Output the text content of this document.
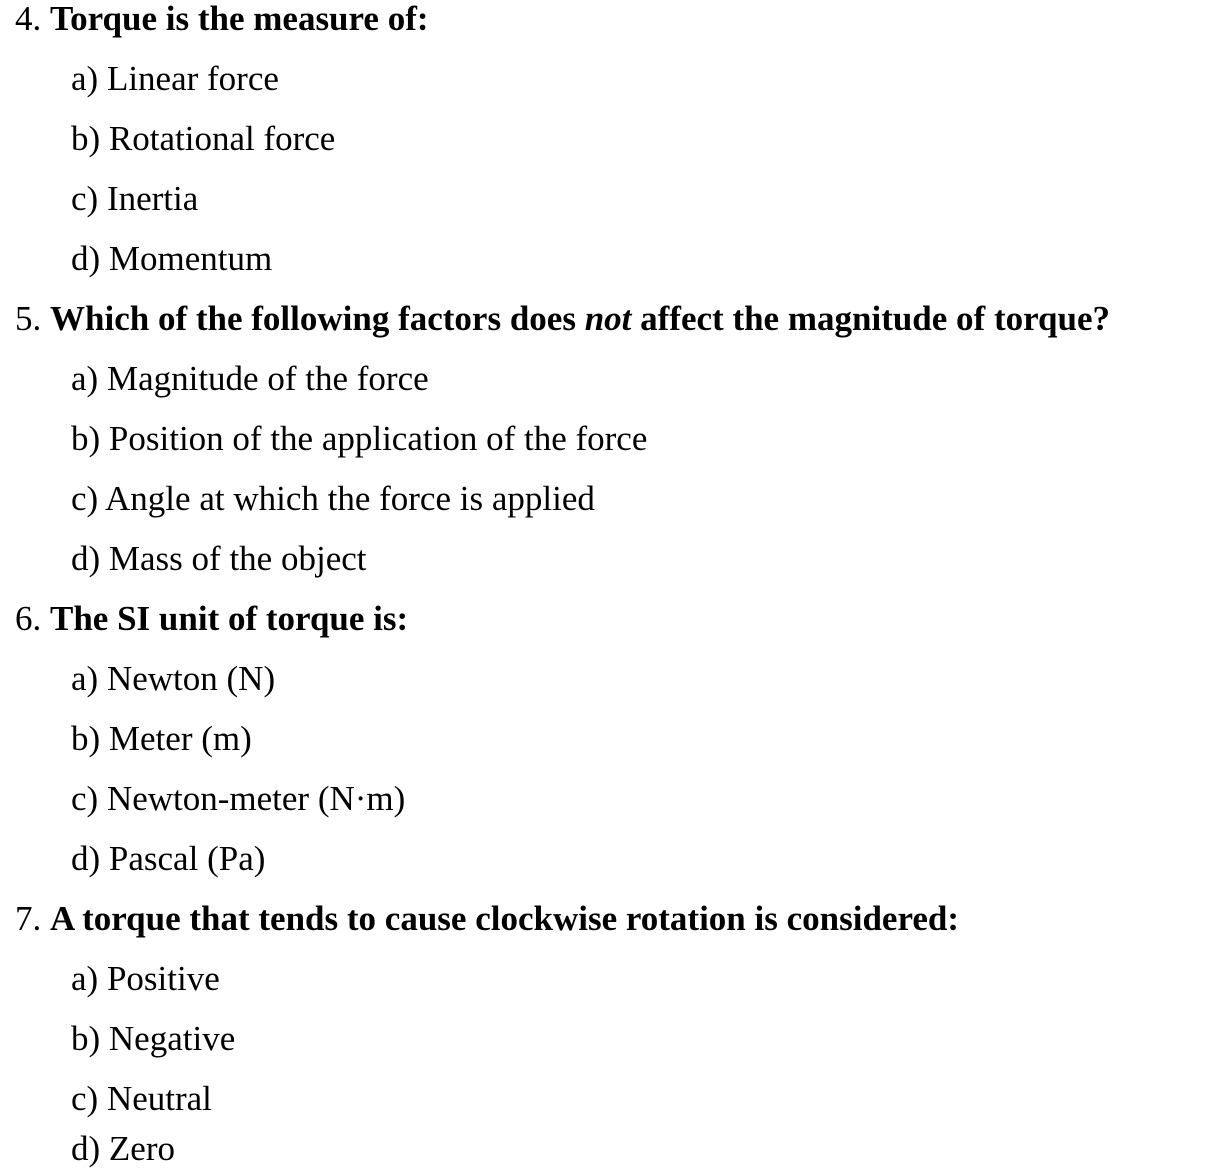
4. Torque is the measure of:
a) Linear force
b) Rotational force
c) Inertia
d) Momentum
5. Which of the following factors does not affect the magnitude of torque?
a) Magnitude of the force
b) Position of the application of the force
c) Angle at which the force is applied
d) Mass of the object
6. The SI unit of torque is:
a) Newton (N)
b) Meter (m)
c) Newton-meter (N·m)
d) Pascal (Pa)
7. A torque that tends to cause clockwise rotation is considered:
a) Positive
b) Negative
c) Neutral
d) Zero
